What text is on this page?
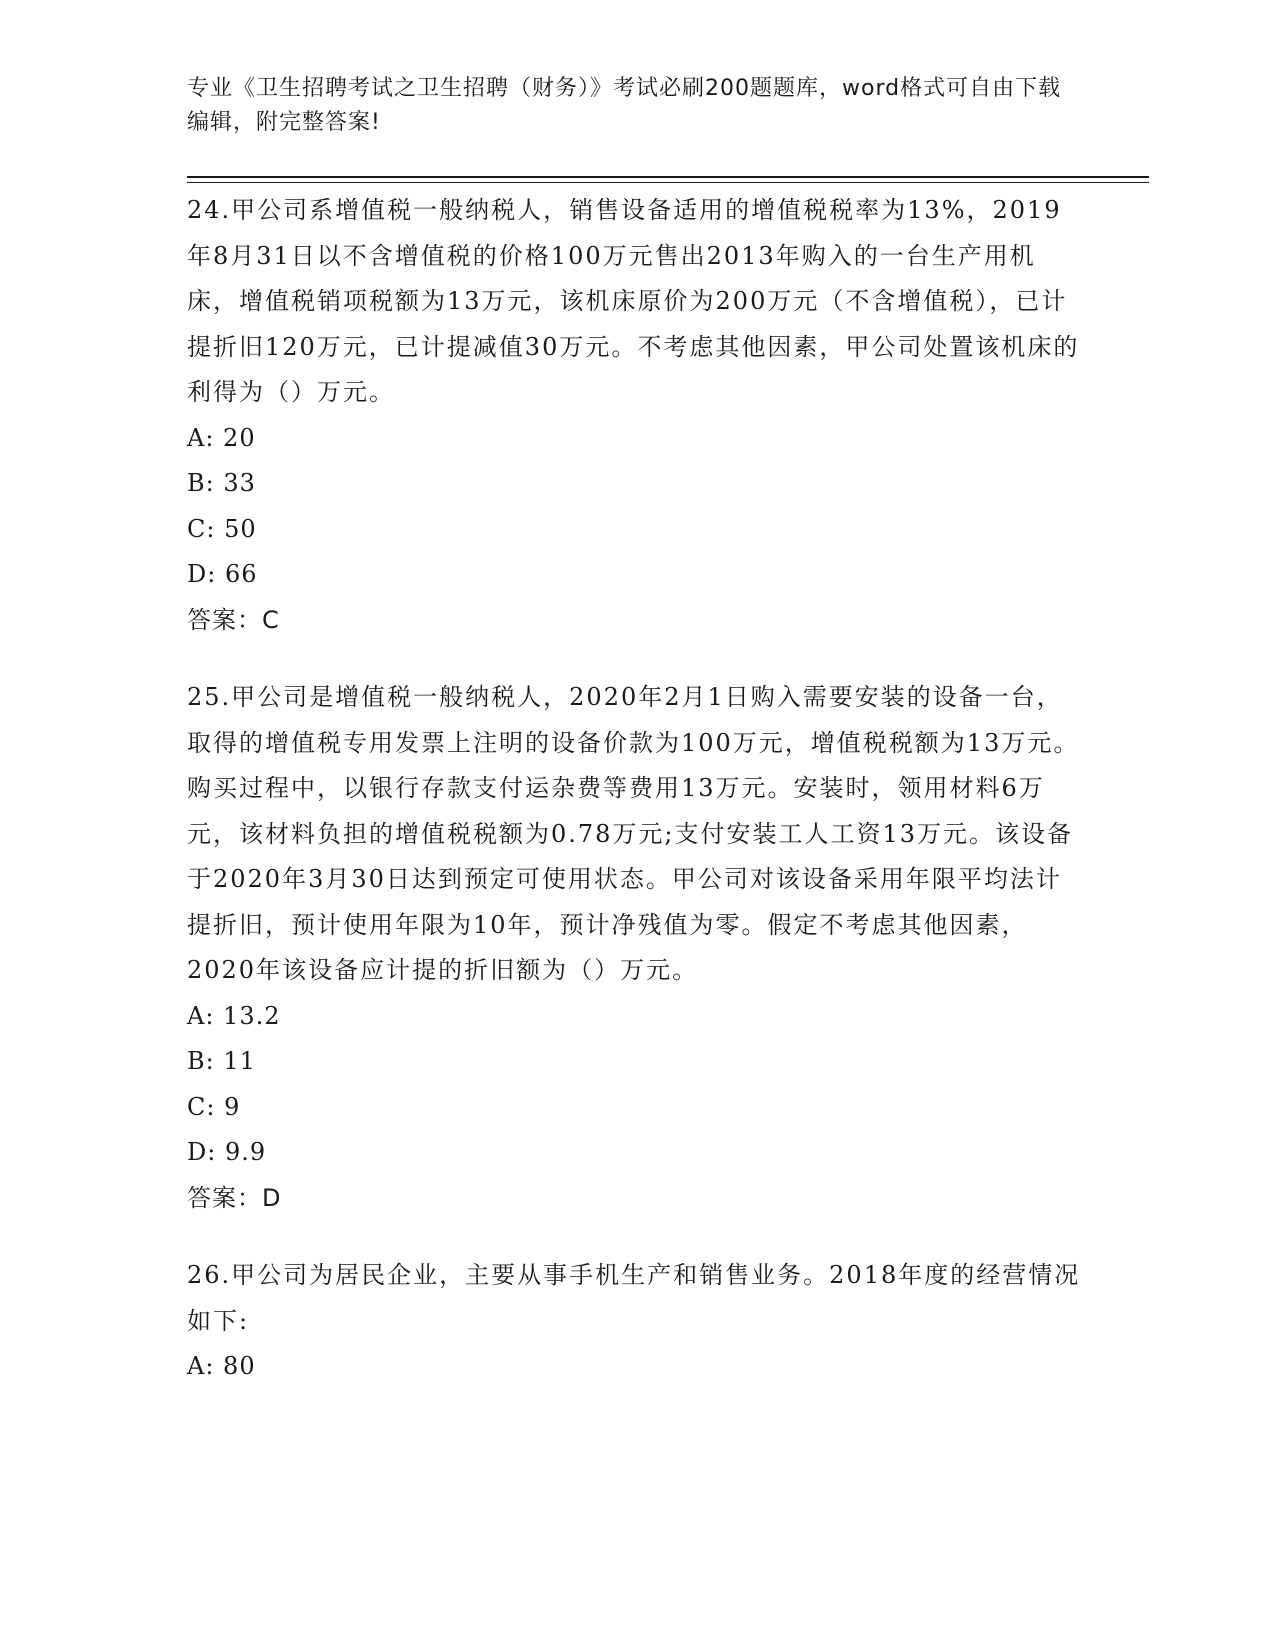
专业《卫生招聘考试之卫生招聘（财务）》考试必刷200题题库，word格式可自由下载编辑，附完整答案!

24.甲公司系增值税一般纳税人，销售设备适用的增值税税率为13%，2019年8月31日以不含增值税的价格100万元售出2013年购入的一台生产用机床，增值税销项税额为13万元，该机床原价为200万元（不含增值税），已计提折旧120万元，已计提减值30万元。不考虑其他因素，甲公司处置该机床的利得为（）万元。

A: 20

B: 33

C: 50

D: 66

答案：C

25.甲公司是增值税一般纳税人，2020年2月1日购入需要安装的设备一台，取得的增值税专用发票上注明的设备价款为100万元，增值税税额为13万元。购买过程中，以银行存款支付运杂费等费用13万元。安装时，领用材料6万元，该材料负担的增值税税额为0.78万元;支付安装工人工资13万元。该设备于2020年3月30日达到预定可使用状态。甲公司对该设备采用年限平均法计提折旧，预计使用年限为10年，预计净残值为零。假定不考虑其他因素，2020年该设备应计提的折旧额为（）万元。

A: 13.2

B: 11

C: 9

D: 9.9

答案：D

26.甲公司为居民企业，主要从事手机生产和销售业务。2018年度的经营情况如下:

A: 80
